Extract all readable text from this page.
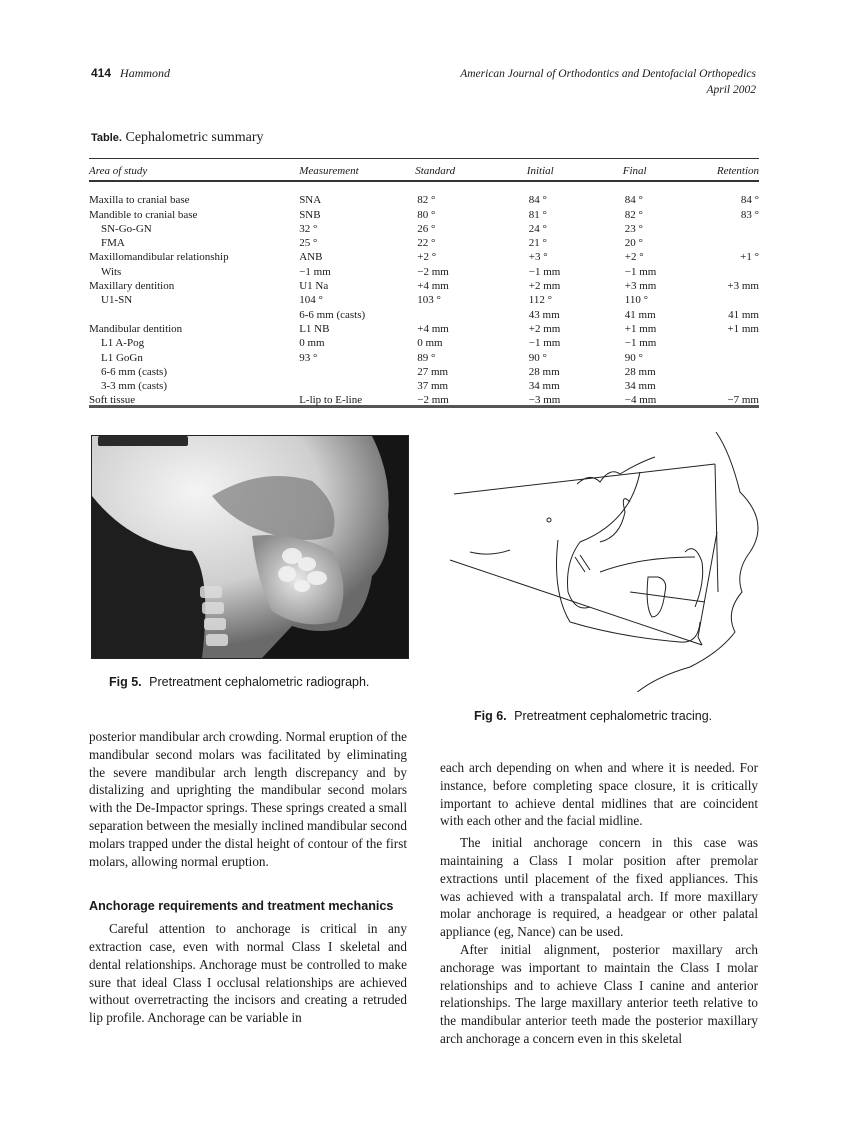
414 Hammond	American Journal of Orthodontics and Dentofacial Orthopedics
April 2002
Table. Cephalometric summary
Area of study	Measurement	Standard	Initial	Final	Retention

Maxilla to cranial base	SNA	82 °	84 °	84 °	84 °
Mandible to cranial base	SNB	80 °	81 °	82 °	83 °
SN-Go-GN	32 °	26 °	24 °	23 °	
FMA	25 °	22 °	21 °	20 °	
Maxillomandibular relationship	ANB	+2 °	+3 °	+2 °	+1 °
Wits	−1 mm	−2 mm	−1 mm	−1 mm	
Maxillary dentition	U1 Na	+4 mm	+2 mm	+3 mm	+3 mm
U1-SN	104 °	103 °	112 °	110 °	
	6-6 mm (casts)		43 mm	41 mm	41 mm
Mandibular dentition	L1 NB	+4 mm	+2 mm	+1 mm	+1 mm
L1 A-Pog	0 mm	0 mm	−1 mm	−1 mm	
L1 GoGn	93 °	89 °	90 °	90 °	
6-6 mm (casts)		27 mm	28 mm	28 mm	
3-3 mm (casts)		37 mm	34 mm	34 mm	
Soft tissue	L-lip to E-line	−2 mm	−3 mm	−4 mm	−7 mm
Fig 5. Pretreatment cephalometric radiograph.
Fig 6. Pretreatment cephalometric tracing.

posterior mandibular arch crowding. Normal eruption of the mandibular second molars was facilitated by eliminating the severe mandibular arch length discrepancy and by distalizing and uprighting the mandibular second molars with the De-Impactor springs. These springs created a small separation between the mesially inclined mandibular second molars trapped under the distal height of contour of the first molars, allowing normal eruption.

Anchorage requirements and treatment mechanics

Careful attention to anchorage is critical in any extraction case, even with normal Class I skeletal and dental relationships. Anchorage must be controlled to make sure that ideal Class I occlusal relationships are achieved without overretracting the incisors and creating a retruded lip profile. Anchorage can be variable in

each arch depending on when and where it is needed. For instance, before completing space closure, it is critically important to achieve dental midlines that are coincident with each other and the facial midline.

The initial anchorage concern in this case was maintaining a Class I molar position after premolar extractions until placement of the fixed appliances. This was achieved with a transpalatal arch. If more maxillary molar anchorage is required, a headgear or other palatal appliance (eg, Nance) can be used.

After initial alignment, posterior maxillary arch anchorage was important to maintain the Class I molar relationships and to achieve Class I canine and anterior relationships. The large maxillary anterior teeth relative to the mandibular anterior teeth made the posterior maxillary arch anchorage a concern even in this skeletal
